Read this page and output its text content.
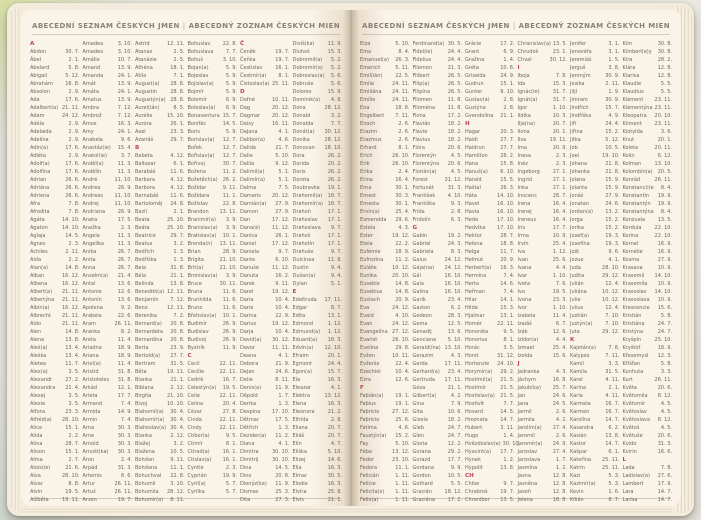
ABECEDNÍ SEZNAM ČESKÝCH JMEN | ABECEDNÝ ZOZNAM ČESKÝCH MIEN
A
Abdon	30. 7.
Ábel	2. 1.
Abelard	5. 8.
Abigail	5. 12.
Abrahám 16. 8.
Absolon	2. 9.
Ada	17. 6.
Adalbert(a) 21. 11.
Adam	24. 12.
Adéla	2. 9.
Adelaida	2. 9.
Adelína	2. 9.
Adin(a)	17. 6.
Adléta	2. 9.
Adolf(a)	17. 6.
Adolfína	17. 6.
Adrian	26. 6.
Adriána	26. 6.
Adriena	26. 6.
Afra	7. 8.
Afrodita	7. 8.
Agáta	14. 10.
Agaton	14. 10.
Aglaja	14. 5.
Agnes	2. 3.
Achiles	2. 11.
Aida	2. 2.
Alan(a)	14. 8.
Alban	16. 12.
Albena	16. 12.
Albert(a) 21. 11.
Albertýna 21. 11.
Albín(a) 16. 12.
Albrecht 21. 11.
Aldo	21. 11.
Alen	14. 8.
Alena	13. 8.
Aleš(a)	13. 4.
Aleška	13. 4.
Aletea	11. 7.
Alex(a)	3. 5.
Alexandr	27. 2.
Alexandra 21. 4.
Alexej	3. 5.
Alexie	3. 5.
Alfons	23. 3.
Alfréd(a) 28. 10.
Alice	15. 1.
Alida	2. 2.
Alina	28. 7.
Alison	15. 1.
Alma	2. 7.
Alois(ie)	21. 6.
Alva	28. 10.
Alvar	8. 8.
Alvin	19. 5.
Alžběta	19. 11.
Amadea	3. 10.
Amadeo	3. 10.
Amálie	10. 7.
Amand	13. 9.
Amanda	24. 1.
Amát	13. 9.
Amáta	24. 1.
Amatus	13. 9.
Ambra	7. 12.
Ambrož	7. 12.
Ámos	16. 3.
Amy	24. 1.
Anabela	9. 6.
Anastáz(ie) 15. 4.
Anatol(ie)	3. 7.
Anděl(a)	11. 3.
Andělín	11. 3.
André	11. 10.
Andrea	26. 9.
Andreas 11. 10.
Andrej	11. 10.
Andriana	26. 9.
Aneta	17. 5.
Anežka	2. 3.
Angela	11. 3.
Angelika	11. 3.
Anika	26. 7.
Anita	26. 7.
Anna	26. 7.
Anselm(a) 21. 4.
Antal	13. 6.
Antonie	12. 6.
Antonín	13. 6.
Apolena	9. 2.
Arabela	22. 6.
Aram	26. 11.
Aranka	8. 2.
Areta	11. 4.
Ariadna	18. 9.
Ariana	18. 9.
Ariel(a)	11. 4.
Aristid	31. 8.
Aristoteles 31. 8.
Arkád	12. 1.
Arleta	17. 7.
Armand	7. 4.
Armida	14. 9.
Armin	7. 4.
Arna	30. 3.
Arne	30. 3.
Arnold	30. 3.
Arnošt(ka) 30. 3.
Áron	2. 4.
Arpád	31. 3.
Artemis	8. 6.
Artur	26. 11.
Artuš	26. 11.
Arzen	19. 7.
Astrid	12. 11.
Atanas	2. 5.
Atanázie	2. 5.
Athéna	18. 1.
Atila	7. 1.
August(a) 28. 8.
Augustin	28. 8.
Augustýn(a) 28. 8.
Aurel(ián)	8. 5.
Aurélie	15. 10.
Aurora	26. 1.
Axel	23. 3.
Azariáš	29. 7.
B
Babeta	4. 12.
Baltazar	6. 1.
Barabáš	11. 6.
Barbara	4. 12.
Barbora	4. 12.
Barnabáš 11. 6.
Bartoloměj 24. 8.
Bazil	2. 1.
Beata	25. 10.
Beáta	25. 10.
Beatrice	29. 7.
Beatus	3. 2.
Bedřich	1. 3.
Bedřiška	1. 3.
Bela	31. 8.
Béla	21. 1.
Belinda	13. 8.
Benedikt(a) 12. 11.
Benjamín 7. 12.
Beno	12. 11.
Berenika	7. 2.
Bernard(a) 20. 8.
Bernardeta 20. 8.
Bernardina 20. 8.
Berta	23. 9.
Bertold(a) 27. 7.
Bertram	31. 5.
Běta	19. 11.
Bianka	21. 1.
Bibiana	2. 12.
Birgita	21. 10.
Bivoj	10. 10.
Blahomil(a) 30. 4.
Blahomír(a) 30. 4.
Blahoslav(a) 30. 4.
Blanka	2. 12.
Blažej	3. 2.
Blažena	10. 5.
Bohdan	9. 11.
Bohdana	11. 1.
Bohuchval 22. 8.
Bohumil	3. 10.
Bohumila 28. 12.
Bohumír(a) 8. 11.
Bohuslav 22. 8.
Bohuslava 7. 7.
Bohuš	3. 10.
Bojan(a)	5. 9.
Bojeslav	5. 9.
Bojislav(a) 5. 9.
Bojmír	5. 9.
Bolemír	6. 9.
Boleslav(a) 6. 9.
Bonaventura 15. 7.
Bonifác	14. 5.
Boris	5. 9.
Borislav(a) 12. 7.
Bořek	12. 7.
Bořislav(a) 12. 7.
Bořivoj	30. 7.
Božena	11. 2.
Božetěch(a) 26. 2.
Božidar	9. 11.
Božidara	11. 1.
Božislav	22. 8.
Brandon 13. 11.
Branimír(a) 3. 9.
Branislav(a) 3. 9.
Bratislav(a) 10. 1.
Brenda(n) 13. 11.
Brian	28. 9.
Brigita	21. 10.
Brit(a)	21. 10.
Bronislav(a) 3. 9.
Bruce	30. 11.
Bruna	11. 6.
Brunhilda 11. 6.
Bruno	11. 6.
Břetislav(a) 10. 1.
Budimír	26. 9.
Budislav	26. 9.
Budivoj	26. 9.
Bystrík	11. 9.
C
Cecil	22. 11.
Cecílie	22. 11.
Cedrik	16. 7.
Celestýn(a) 19. 5.
Celie	22. 11.
Celina	20. 4.
Cézar	27. 8.
Cinda	22. 11.
Cindy	22. 11.
Ctibor(a)	9. 5.
Ctimír	8. 1.
Ctirad(a)	16. 1.
Ctislav(a) 16. 1.
Cyntie	2. 3.
Cyprián	19. 9.
Cyril(a)	5. 7.
Cyrilka	5. 7.
Č
Čeněk	19. 7.
Čeňka	19. 7.
Čestislav	16. 1.
Čestmír(a) 8. 1.
Čistoslav(a) 25. 11.
D
Dafné	10. 11.
Dag	20. 12.
Dagmar 20. 12.
Daisy	16. 11.
Dajana	4. 1.
Dalibor(a)	4. 6.
Dalida	21. 7.
Dalie	5. 10.
Dalila	9. 12.
Dalimil(a)	5. 1.
Dalimír(a)	5. 1.
Dalma	7. 5.
Damaris 20. 12.
Damián(a) 27. 9.
Damon	27. 9.
Dan	17. 12.
Dana(é) 11. 12.
Danica	26. 1.
Daniel	17. 12.
Daniela	9. 7.
Dante	6. 10.
Danuše	11. 12.
Danuta	16. 2.
Darek	9. 11.
Darel	19. 12.
Daria	10. 4.
Darie	10. 4.
Darina	22. 9.
Darius	19. 12.
Darja	10. 4.
David(a) 30. 12.
Davor	11. 11.
Deana	4. 1.
Debora	21. 9.
Dejan	24. 6.
Delie	8. 11.
Denis(a)	11. 9.
Děpold	1. 7.
Derika	1. 3.
Despina 17. 10.
Dětmar	17. 5.
Dětřich	1. 3.
Dezider(a) 11. 2.
Diana	4. 1.
Dimitra	30. 10.
Dimitrij	30. 10.
Dina	14. 5.
Dino	20. 8.
Dionýz(ka) 11. 9.
Dismas	25. 3.
Dita	27. 3.
Diviš(ka)	11. 9.
Dluhoš	15. 3.
Dobromil(a) 5. 2.
Dobromír(a) 5. 2.
Dobroslav(a) 5. 6.
Dobruše	5. 6.
Dolores	15. 9.
Dominik(a) 4. 8.
Dona	28. 12.
Donald	3. 2.
Donalda	7. 7.
Donát(a) 30. 12.
Donika	28. 12.
Donovan 18. 10.
Dora	26. 2.
Dorida	20. 2.
Doris	26. 2.
Dorota	26. 2.
Doubravka 19. 1.
Drahomil(a) 18. 7.
Drahomír(a) 18. 7.
Drahoň	17. 1.
Drahoslav 17. 1.
Drahoslava 9. 7.
Drahoš	17. 1.
Drahotín	17. 1.
Drahuše	9. 7.
Dulcinea	11. 8.
Dustin	9. 4.
Dušan(a)	9. 4.
Dylan	5. 1.
E
Edeltruda 17. 11.
Edgar	8. 7.
Edita	13. 1.
Edmond	1. 12.
Edmund(a) 1. 12.
Eduard(a) 18. 3.
Edvín(a) 12. 10.
Efraim	20. 1.
Egmont	24. 4.
Egon(a)	15. 7.
Ela	16. 3.
Eleazar	4. 1.
Elektra	13. 12.
Elena	16. 3.
Eleonora	21. 2.
Elfrída	2. 8.
Eliana	20. 7.
Eliáš	20. 7.
Elín	4. 7.
Eliška	5. 10.
Elizej	14. 6.
Ella	16. 3.
Elmar	30. 5.
Elodie	16. 3.
Elvíra	25. 8.
Elvis	21. 1.
ABECEDNÍ SEZNAM ČESKÝCH JMEN | ABECEDNÝ ZOZNAM ČESKÝCH MIEN
Elza	5. 10.
Ema	8. 4.
Emanuel(a) 26. 3.
Emerich	5. 11.
Emil(ián)	22. 5.
Emila	24. 11.
Emiliána 24. 11.
Emílie	24. 11.
Ena	18. 8.
Engelbert 7. 11.
Enoch	2. 6.
Erazim	2. 6.
Erazmus	2. 6.
Erhard	8. 1.
Erich	26. 10.
Erik	26. 10.
Erika	2. 4.
Erina	16. 4.
Erna	30. 1.
Ernest	30. 3.
Ernesta	30. 1.
Ervín(a)	25. 4.
Esmeralda 29. 6.
Estela	4. 3.
Ester	19. 12.
Etela	22. 2.
Eufémie	18. 9.
Eufrozina 11. 2.
Eulálie	10. 12.
Eunika	20. 10.
Eusebie	14. 8.
Eusebius	14. 8.
Eustach	20. 9.
Eva	24. 12.
Evald	4. 10.
Evan	24. 12.
Evangelína 27. 12.
Evarist	26. 10.
Evelína	29. 8.
Evžen	10. 11.
Evženie	22. 4.
Ezechiel	10. 4.
Ezra	12. 6.
F
Fabián(a) 19. 1.
Fabius	19. 1.
Fabricie	27. 12.
Fabricio	25. 6.
Fatima	4. 6.
Faustýn(a) 15. 2.
Fay	5. 10.
Féba	13. 12.
Fedor	23. 10.
Fedora	11. 1.
Felicián	1. 11.
Felície	1. 11.
Felicita(s) 1. 11.
Felix(a)	1. 11.
Ferdinand(a) 30. 5.
Fidel(ie)	24. 4.
Fidelius	24. 4.
Filemon	21. 3.
Filibert	26. 5.
Filip(a)	26. 5.
Filipína	26. 5.
Filomen	11. 8.
Filoména	11. 8.
Fiona	17. 2.
Flavián	18. 2.
Flavie	18. 2.
Flavius	18. 2.
Flóra	20. 6.
Florentýn	4. 5.
Florentýna 20. 6.
Florián(a)	4. 5.
Forest	31. 12.
Fortunát	31. 3.
František 4. 10.
Františka	9. 3.
Frída	2. 8.
Fridolín	6. 3.
G
Gabin	19. 2.
Gabriel	24. 3.
Gabriela	8. 3.
Gaius	24. 12.
Gája(na) 24. 12.
Gál	16. 10.
Gala	16. 10.
Galina	16. 10.
Garik	23. 4.
Gaston	6. 2.
Gedeon	28. 3.
Gema	12. 5.
Genadij	13. 6.
Genciana 5. 10.
Gerald(ína) 13. 10.
Gerazim	4. 3.
Gerda	17. 11.
Gerhard(a) 23. 4.
Gertruda 17. 11.
Géza	21. 1.
Gilbert(a)	4. 2.
Gina	7. 9.
Gita	10. 6.
Gizela	18. 2.
Gleb	24. 7.
Glen	24. 7.
Gloria	12. 2.
Gorana	29. 2.
Gorazd	17. 7.
Gordana	9. 9.
Gordon	10. 5.
Gothard	5. 5.
Gracián	18. 12.
Graciána	17. 2.
Grácie	17. 2.
Grant	6. 9.
Gražina	1. 4.
Gréta	10. 6.
Griselda	24. 9.
Gudrun	15. 1.
Gunter	9. 10.
Gustav(a)	2. 8.
Gustýna	2. 8.
Gvendolína 21. 1.
H
Hagar	20. 3.
Haidi	27. 7.
Haidrun	27. 7.
Hamilton	28. 2.
Hana	15. 8.
Hanuš(a) 6. 10.
Harald	15. 5.
Haštal	26. 3.
Háta	14. 10.
Havel	16. 10.
Havla	16. 10.
Heda	17. 10.
Hedvika 17. 10.
Hektor	28. 7.
Helena	18. 8.
Helga	11. 7.
Helmut	20. 9.
Herbert(a) 16. 3.
Hermína	7. 4.
Herta	14. 6.
Heřman	7. 4.
Hilar	14. 1.
Hilda	15. 3.
Hjalmar	13. 1.
Homér	22. 11.
Honoráta	9. 5.
Honorius	8. 1.
Horác	3. 5.
Horst	31. 12.
Hortenzie 24. 10.
Horymír(a) 29. 2.
Hostimil(a) 21. 5.
Hostimír	21. 5.
Hostislav(a) 21. 5.
Hostivít	7. 7.
Hovard	14. 5.
Hroznata	14. 7.
Hubert	3. 11.
Hugo	1. 4.
Hvězdoslav(a) 30. 10.
Hyacint(a) 17. 7.
Hynek	1. 2.
Hypolit	13. 8.
CH
Chloe	9. 7.
Chrabroš	19. 7.
Chranibor 13. 5.
Chranislav(a) 13. 5.
Chrudoš	23. 1.
Chval	30. 12.
I
Iboja	7. 8.
Ida	15. 3.
Ignác(ie)	31. 7.
Ignát(a)	31. 7.
Igor	1. 10.
Ildika	10. 3.
Ilja(na)	20. 7.
Ilona	20. 1.
Ilsa	19. 11.
Ima	20. 9.
Inesa	2. 3.
Inéz	2. 3.
Ingeborg	27. 1.
Ingrid	27. 1.
Inka	27. 1.
Inocenc	28. 7.
Irena	16. 4.
Irenej	16. 4.
Ireneus	16. 4.
Iris	17. 7.
Irma	10. 9.
Irvin	25. 4.
Iva	1. 12.
Ivan	25. 6.
Ivana	4. 4.
Ivar	1. 10.
Iveta	7. 6.
Ivo	19. 5.
Ivona	23. 3.
Ivor	1. 10.
Izabela	11. 4.
Izaiáš	6. 7.
Izák	12. 6.
Izidor(a)	4. 4.
Izmael	25. 4.
Izolda	15. 6.
J
Jadranka	4. 3.
Jáchym	16. 8.
Jakub(ka) 25. 7.
Jan	24. 6.
Jana	24. 5.
Jarmil	2. 6.
Jarmila	4. 2.
Jarolím(a) 27. 4.
Jaromil	2. 6.
Jaromír(a) 24. 9.
Jaroslav	27. 4.
Jaroslava	1. 7.
Jasmína	1. 2.
Jasna	12. 8.
Jasněna	12. 8.
Jasoň	12. 8.
Jelena	18. 8.
Jenifer	3. 1.
Jenovéfa	3. 1.
Jeremiáš	1. 5.
Jerguš	3. 8.
Jeroným	30. 9.
Jesika	2. 11.
Jiljí	1. 9.
Jimram	30. 9.
Jindřich	15. 7.
Jindřiška	4. 9.
Jiří	24. 4.
Jiřina	15. 2.
Jitka	5. 12.
Job	10. 5.
Joel	19. 10.
Johana	21. 8.
Johanka	21. 8.
Jolana	15. 9.
Jolanta	15. 9.
Jonáš	27. 9.
Jonatan	24. 6.
Jordan(a) 13. 2.
Jorga	15. 2.
Jorika	15. 2.
Josef(a)	19. 3.
Josefína	19. 3.
Jošt	9. 6.
Jozue	4. 1.
Juda	28. 10.
Judita	29. 12.
Julián	12. 4.
Juliána	10. 12.
Julie	10. 12.
Julius	12. 4.
Justián	7. 10.
Justýn(a)	7. 10.
Juta	29. 12.
K
Kajetán(a) 7. 8.
Kalypso	7. 11.
Kamil	3. 3.
Kamila	31. 5.
Karel	4. 11.
Karina	2. 1.
Karla	4. 11.
Karmela	16. 7.
Karmen	16. 7.
Karolína	14. 7.
Kasandra	6. 2.
Kasián	13. 8.
Kastor	14. 7.
Kašpar	6. 1.
Kateřina 25. 11.
Katrin	25. 11.
Kazi	5. 3.
Kazimír(a)	5. 3.
Kevin	1. 6.
Kilián	8. 7.
Kim	30. 8.
Kimberl(e)y 30. 8.
Kira	28. 2.
Klára	12. 8.
Klarisa	12. 8.
Klaudie	5. 5.
Klaudius	5. 5.
Klement 23. 11.
Klementýna 23. 11.
Kleopatra 20. 10.
Kliment	23. 11.
Klotylda	3. 6.
Knut	20. 1.
Koleta	20. 11.
Kolin	6. 12.
Kolman	13. 10.
Kolombín(a) 20. 5.
Konrád	26. 11.
Konstanc(i)e 8. 4.
Konstantin 19. 9.
Konstantýn 19. 9.
Konstantýna 8. 4.
Konzuela	13. 5.
Kordula	22. 10.
Korina	22. 10.
Kornel	16. 9.
Kornélie	16. 9.
Kosma	27. 9.
Krasava	10. 9.
Krasomil 14. 10.
Krasomila 10. 9.
Krasoslav 14. 10.
Krasoslava 10. 9.
Krescencie 15. 6.
Kristián	5. 8.
Kristiána	24. 7.
Kristýna	24. 7.
Kryšpín	25. 10.
Kryštof	18. 9.
Křesomysl 12. 3.
Křišťan	5. 8.
Kunhuta	3. 3.
Kurt	26. 11.
Květa	20. 6.
Květomila 8. 12.
Květomír	4. 5.
Květoslav	4. 5.
Květoslava 8. 12.
Květoš	4. 5.
Květuše	20. 6.
Kvido	31. 3.
Kvirin	16. 6.
L
Lada	7. 8.
Ladislav(a) 27. 6.
Lambert	17. 9.
Lara	14. 7.
Larisa	14. 7.
